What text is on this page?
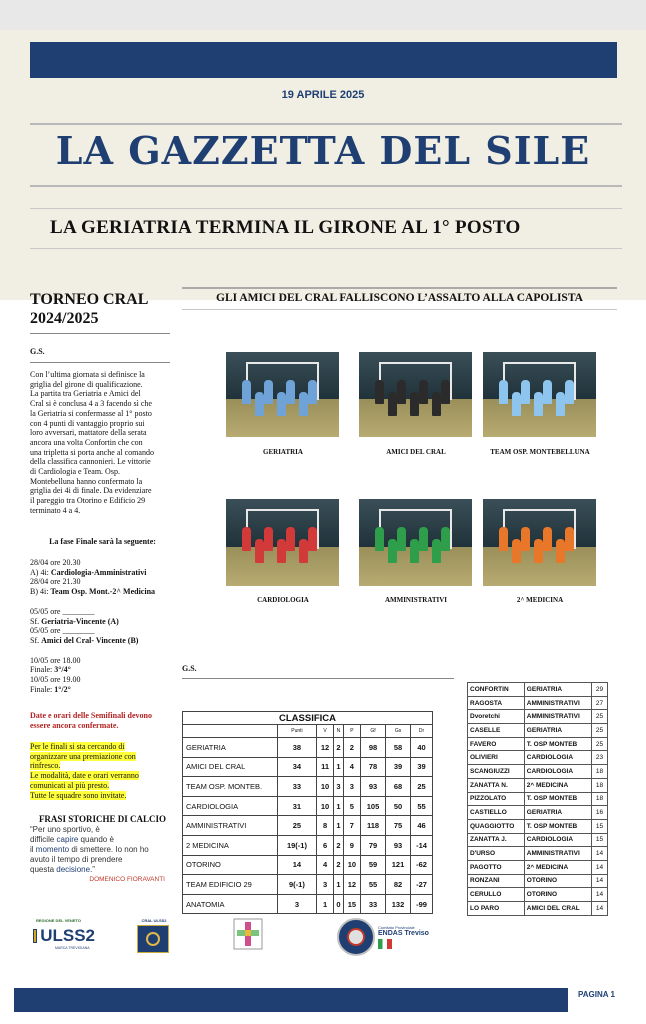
19 APRILE 2025
LA GAZZETTA DEL SILE
LA GERIATRIA TERMINA IL GIRONE AL 1° POSTO
TORNEO CRAL
2024/2025
G.S.
Con l’ultima giornata si definisce la
griglia del girone di qualificazione.
La partita tra Geriatria e Amici del
Cral si è conclusa 4 a 3 facendo sì che
la Geriatria si confermasse al 1° posto
con 4 punti di vantaggio proprio sui
loro avversari, mattatore della serata
ancora una volta Confortin che con
una tripletta si porta anche al comando
della classifica cannonieri. Le vittorie
di Cardiologia e Team. Osp.
Montebelluna hanno confermato la
griglia dei 4i di finale. Da evidenziare
il pareggio tra Otorino e Edificio 29
terminato 4 a 4.
La fase Finale sarà la seguente:
28/04 ore 20.30
A) 4i: Cardiologia-Amministrativi
28/04 ore 21.30
B) 4i: Team Osp. Mont.-2^ Medicina
05/05 ore ________
Sf. Geriatria-Vincente (A)
05/05 ore ________
Sf. Amici del Cral- Vincente (B)
10/05 ore 18.00
Finale: 3°/4°
10/05 ore 19.00
Finale: 1°/2°
Date e orari delle Semifinali devono
essere ancora confermate.
Per le finali si sta cercando di
organizzare una premiazione con
rinfresco.
Le modalità, date e orari verranno
comunicati al più presto.
Tutte le squadre sono invitate.
FRASI STORICHE DI CALCIO
“Per uno sportivo, è
difficile capire quando è
il momento di smettere. Io non ho
avuto il tempo di prendere
questa decisione.”
DOMENICO FIORAVANTI
GLI AMICI DEL CRAL FALLISCONO L’ASSALTO ALLA CAPOLISTA
GERIATRIA	AMICI DEL CRAL	TEAM OSP. MONTEBELLUNA
CARDIOLOGIA	AMMINISTRATIVI	2^ MEDICINA
G.S.
CLASSIFICA							
	Punti	V	N	P	Gf	Gs	Dr
GERIATRIA	38	12	2	2	98	58	40
AMICI DEL CRAL	34	11	1	4	78	39	39
TEAM OSP. MONTEB.	33	10	3	3	93	68	25
CARDIOLOGIA	31	10	1	5	105	50	55
AMMINISTRATIVI	25	8	1	7	118	75	46
2 MEDICINA	19(-1)	6	2	9	79	93	-14
OTORINO	14	4	2	10	59	121	-62
TEAM EDIFICIO 29	9(-1)	3	1	12	55	82	-27
ANATOMIA	3	1	0	15	33	132	-99
CONFORTIN	GERIATRIA	29
RAGOSTA	AMMINISTRATIVI	27
Dvoretchi	AMMINISTRATIVI	25
CASELLE	GERIATRIA	25
FAVERO	T. OSP MONTEB	25
OLIVIERI	CARDIOLOGIA	23
SCANGIUZZI	CARDIOLOGIA	18
ZANATTA N.	2^ MEDICINA	18
PIZZOLATO	T. OSP MONTEB	18
CASTIELLO	GERIATRIA	16
QUAGGIOTTO	T. OSP MONTEB	15
ZANATTA J.	CARDIOLOGIA	15
D'URSO	AMMINISTRATIVI	14
PAGOTTO	2^ MEDICINA	14
RONZANI	OTORINO	14
CERULLO	OTORINO	14
LO PARO	AMICI DEL CRAL	14
REGIONE DEL VENETO
ULSS2
MARCA TREVIGIANA
CRAL ULSS2
Comitato Provinciale
ENDAS Treviso
PAGINA 1
